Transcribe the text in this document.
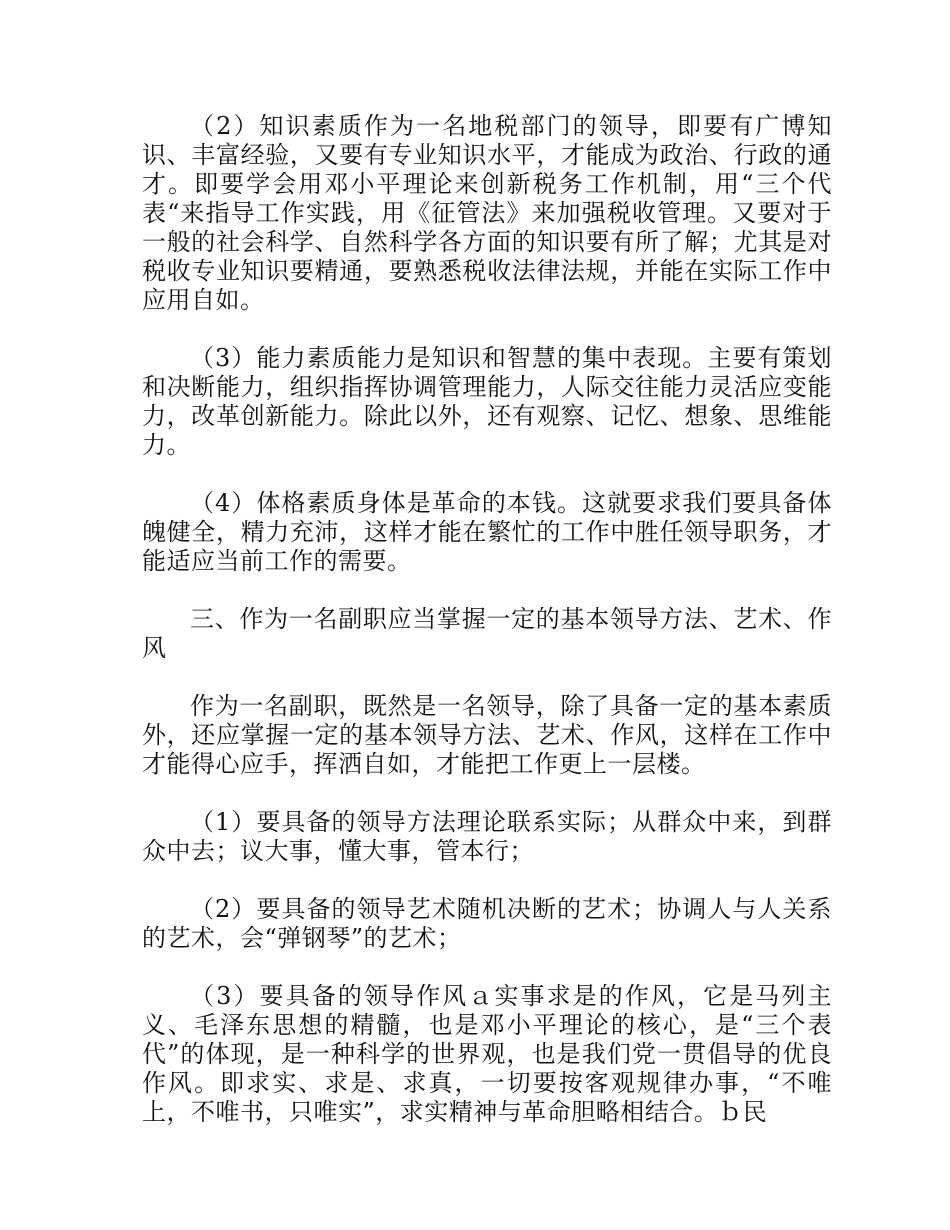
（2）知识素质作为一名地税部门的领导，即要有广博知识、丰富经验，又要有专业知识水平，才能成为政治、行政的通才。即要学会用邓小平理论来创新税务工作机制，用“三个代表“来指导工作实践，用《征管法》来加强税收管理。又要对于一般的社会科学、自然科学各方面的知识要有所了解；尤其是对税收专业知识要精通，要熟悉税收法律法规，并能在实际工作中应用自如。

（3）能力素质能力是知识和智慧的集中表现。主要有策划和决断能力，组织指挥协调管理能力，人际交往能力灵活应变能力，改革创新能力。除此以外，还有观察、记忆、想象、思维能力。

（4）体格素质身体是革命的本钱。这就要求我们要具备体魄健全，精力充沛，这样才能在繁忙的工作中胜任领导职务，才能适应当前工作的需要。

三、作为一名副职应当掌握一定的基本领导方法、艺术、作风

作为一名副职，既然是一名领导，除了具备一定的基本素质外，还应掌握一定的基本领导方法、艺术、作风，这样在工作中才能得心应手，挥洒自如，才能把工作更上一层楼。

（1）要具备的领导方法理论联系实际；从群众中来，到群众中去；议大事，懂大事，管本行；

（2）要具备的领导艺术随机决断的艺术；协调人与人关系的艺术，会“弹钢琴”的艺术；

（3）要具备的领导作风ａ实事求是的作风，它是马列主义、毛泽东思想的精髓，也是邓小平理论的核心，是“三个表代”的体现，是一种科学的世界观，也是我们党一贯倡导的优良作风。即求实、求是、求真，一切要按客观规律办事，“不唯上，不唯书，只唯实”，求实精神与革命胆略相结合。ｂ民
